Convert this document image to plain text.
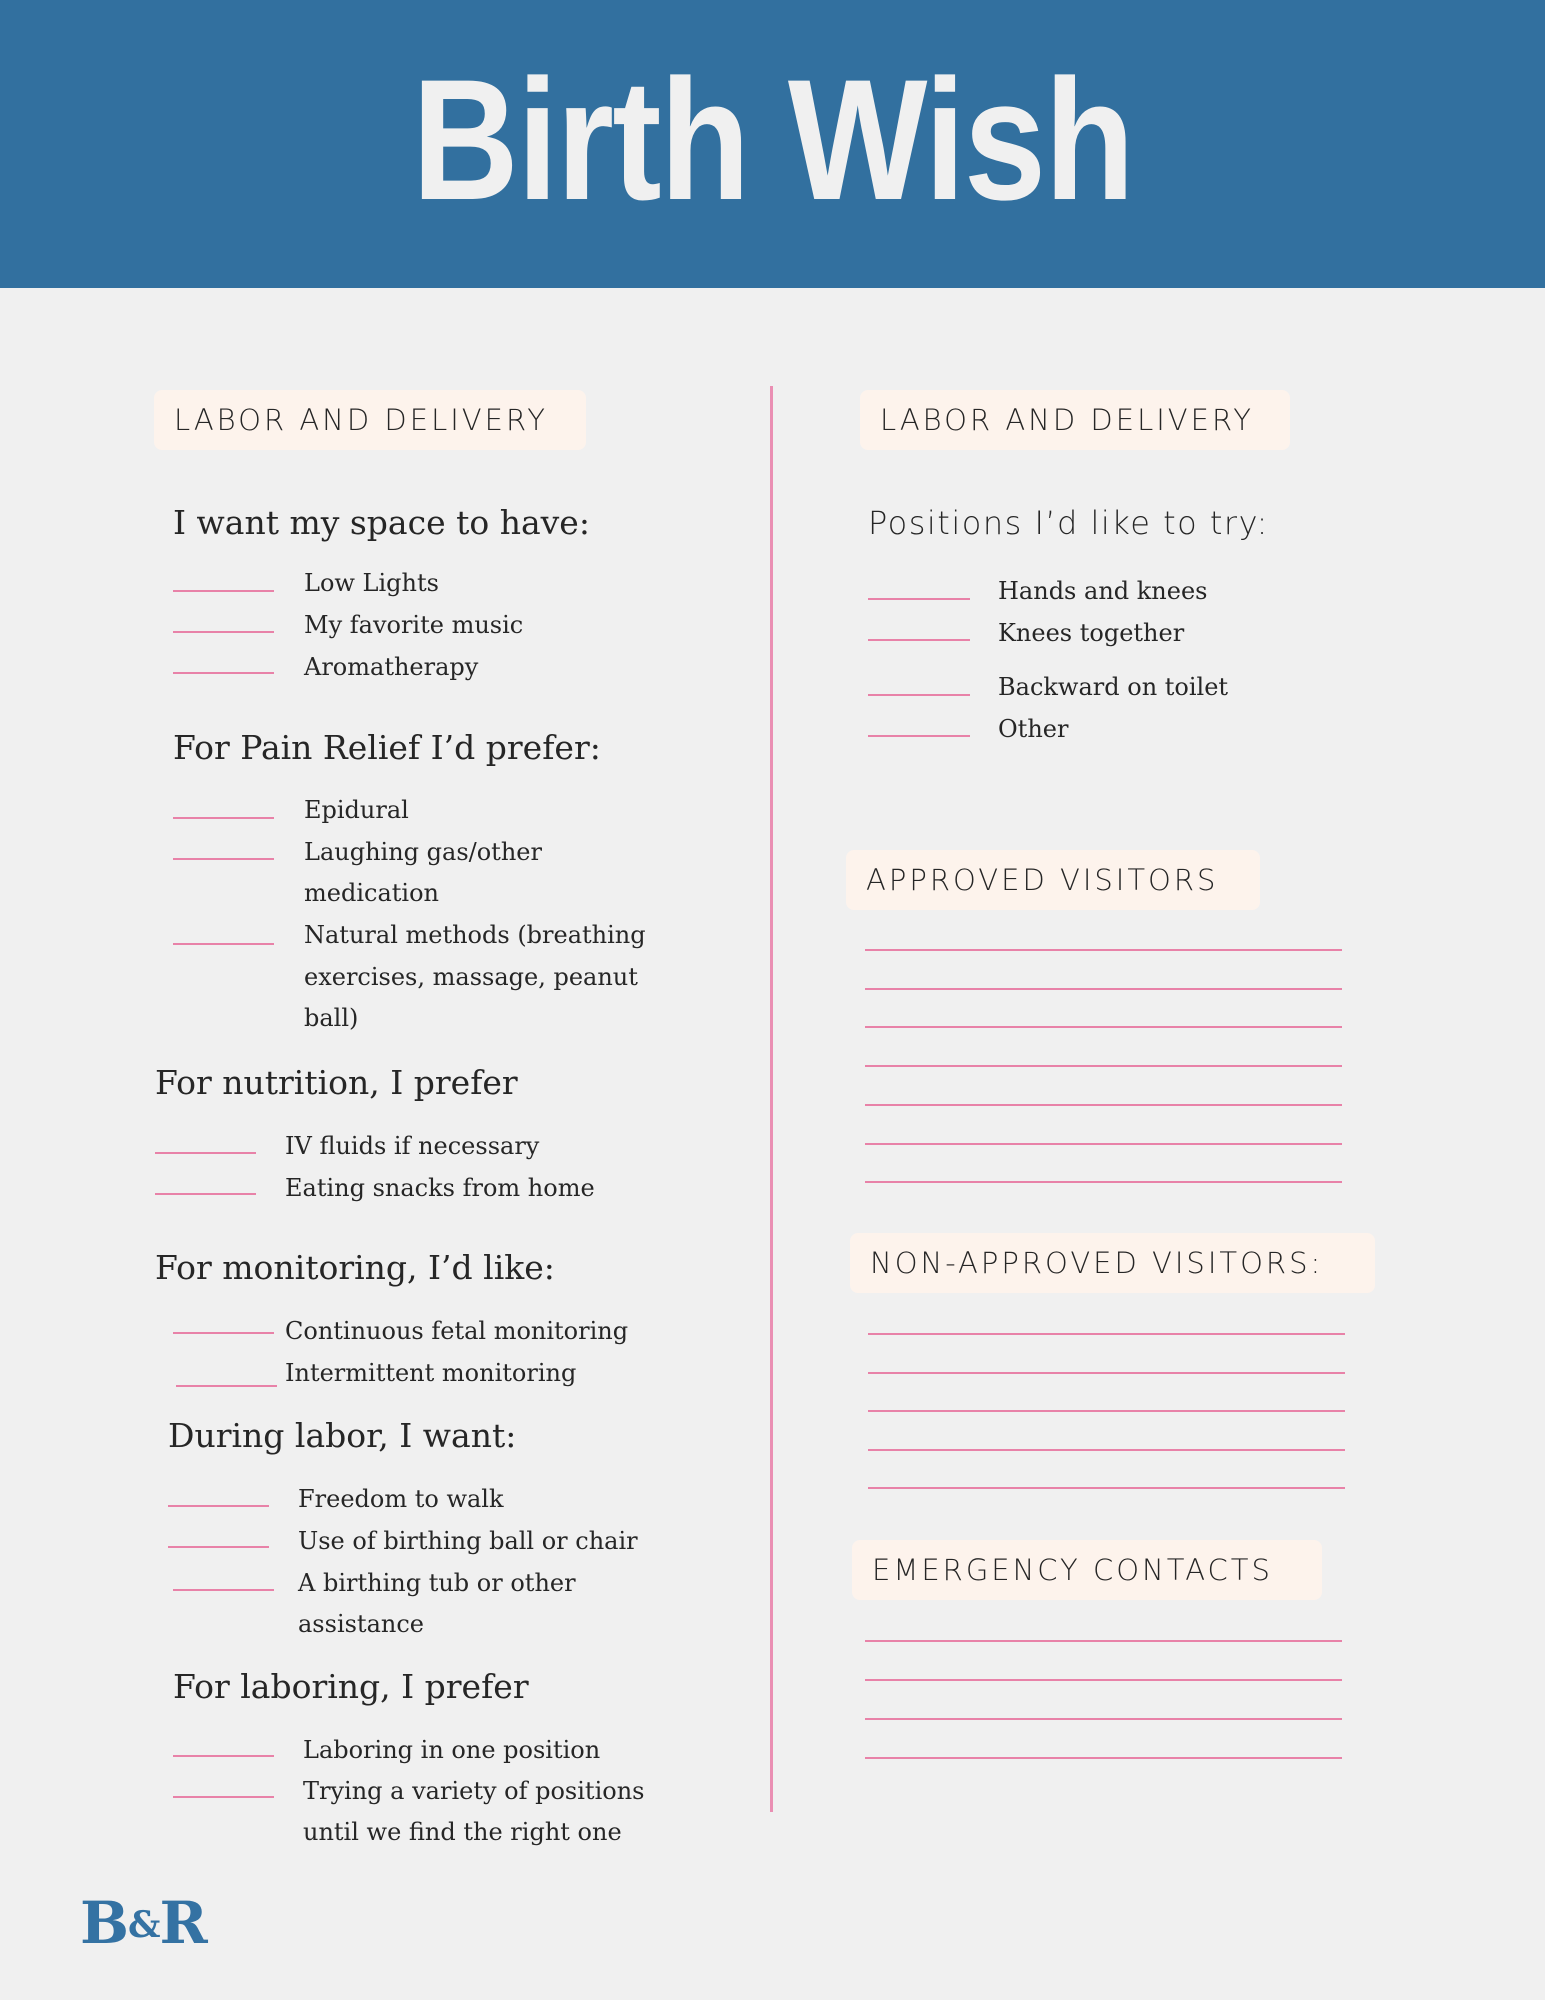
Birth Wish
LABOR AND DELIVERY
I want my space to have:
Low Lights
My favorite music
Aromatherapy
For Pain Relief I’d prefer:
Epidural
Laughing gas/other
medication
Natural methods (breathing
exercises, massage, peanut
ball)
For nutrition, I prefer
IV fluids if necessary
Eating snacks from home
For monitoring, I’d like:
Continuous fetal monitoring
Intermittent monitoring
During labor, I want:
Freedom to walk
Use of birthing ball or chair
A birthing tub or other
assistance
For laboring, I prefer
Laboring in one position
Trying a variety of positions
until we find the right one
LABOR AND DELIVERY
Positions I’d like to try:
Hands and knees
Knees together
Backward on toilet
Other
APPROVED VISITORS
NON-APPROVED VISITORS:
EMERGENCY CONTACTS
B&R
